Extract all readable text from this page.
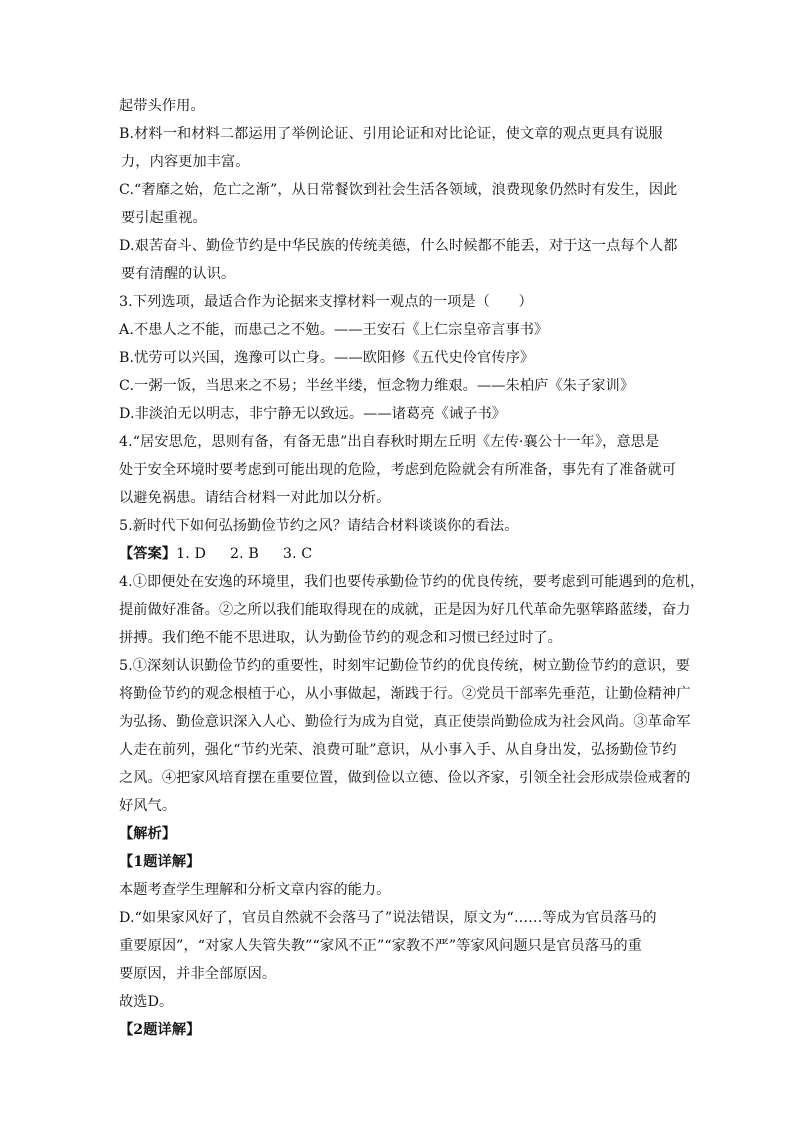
起带头作用。
B.材料一和材料二都运用了举例论证、引用论证和对比论证，使文章的观点更具有说服
力，内容更加丰富。
C.“奢靡之始，危亡之渐”，从日常餐饮到社会生活各领域，浪费现象仍然时有发生，因此
要引起重视。
D.艰苦奋斗、勤俭节约是中华民族的传统美德，什么时候都不能丢，对于这一点每个人都
要有清醒的认识。
3.下列选项，最适合作为论据来支撑材料一观点的一项是（　　）
A.不患人之不能，而患己之不勉。——王安石《上仁宗皇帝言事书》
B.忧劳可以兴国，逸豫可以亡身。——欧阳修《五代史伶官传序》
C.一粥一饭，当思来之不易；半丝半缕，恒念物力维艰。——朱柏庐《朱子家训》
D.非淡泊无以明志，非宁静无以致远。——诸葛亮《诫子书》
4.“居安思危，思则有备，有备无患”出自春秋时期左丘明《左传·襄公十一年》，意思是
处于安全环境时要考虑到可能出现的危险，考虑到危险就会有所准备，事先有了准备就可
以避免祸患。请结合材料一对此加以分析。
5.新时代下如何弘扬勤俭节约之风？请结合材料谈谈你的看法。
【答案】1. D 2. B 3. C
4.①即便处在安逸的环境里，我们也要传承勤俭节约的优良传统，要考虑到可能遇到的危机，
提前做好准备。②之所以我们能取得现在的成就，正是因为好几代革命先驱筚路蓝缕，奋力
拼搏。我们绝不能不思进取，认为勤俭节约的观念和习惯已经过时了。
5.①深刻认识勤俭节约的重要性，时刻牢记勤俭节约的优良传统，树立勤俭节约的意识，要
将勤俭节约的观念根植于心，从小事做起，渐践于行。②党员干部率先垂范，让勤俭精神广
为弘扬、勤俭意识深入人心、勤俭行为成为自觉，真正使崇尚勤俭成为社会风尚。③革命军
人走在前列，强化“节约光荣、浪费可耻”意识，从小事入手、从自身出发，弘扬勤俭节约
之风。④把家风培育摆在重要位置，做到俭以立德、俭以齐家，引领全社会形成崇俭戒奢的
好风气。
【解析】
【1题详解】
本题考查学生理解和分析文章内容的能力。
D.“如果家风好了，官员自然就不会落马了”说法错误，原文为“……等成为官员落马的
重要原因”，“对家人失管失教”“家风不正”“家教不严”等家风问题只是官员落马的重
要原因，并非全部原因。
故选D。
【2题详解】
